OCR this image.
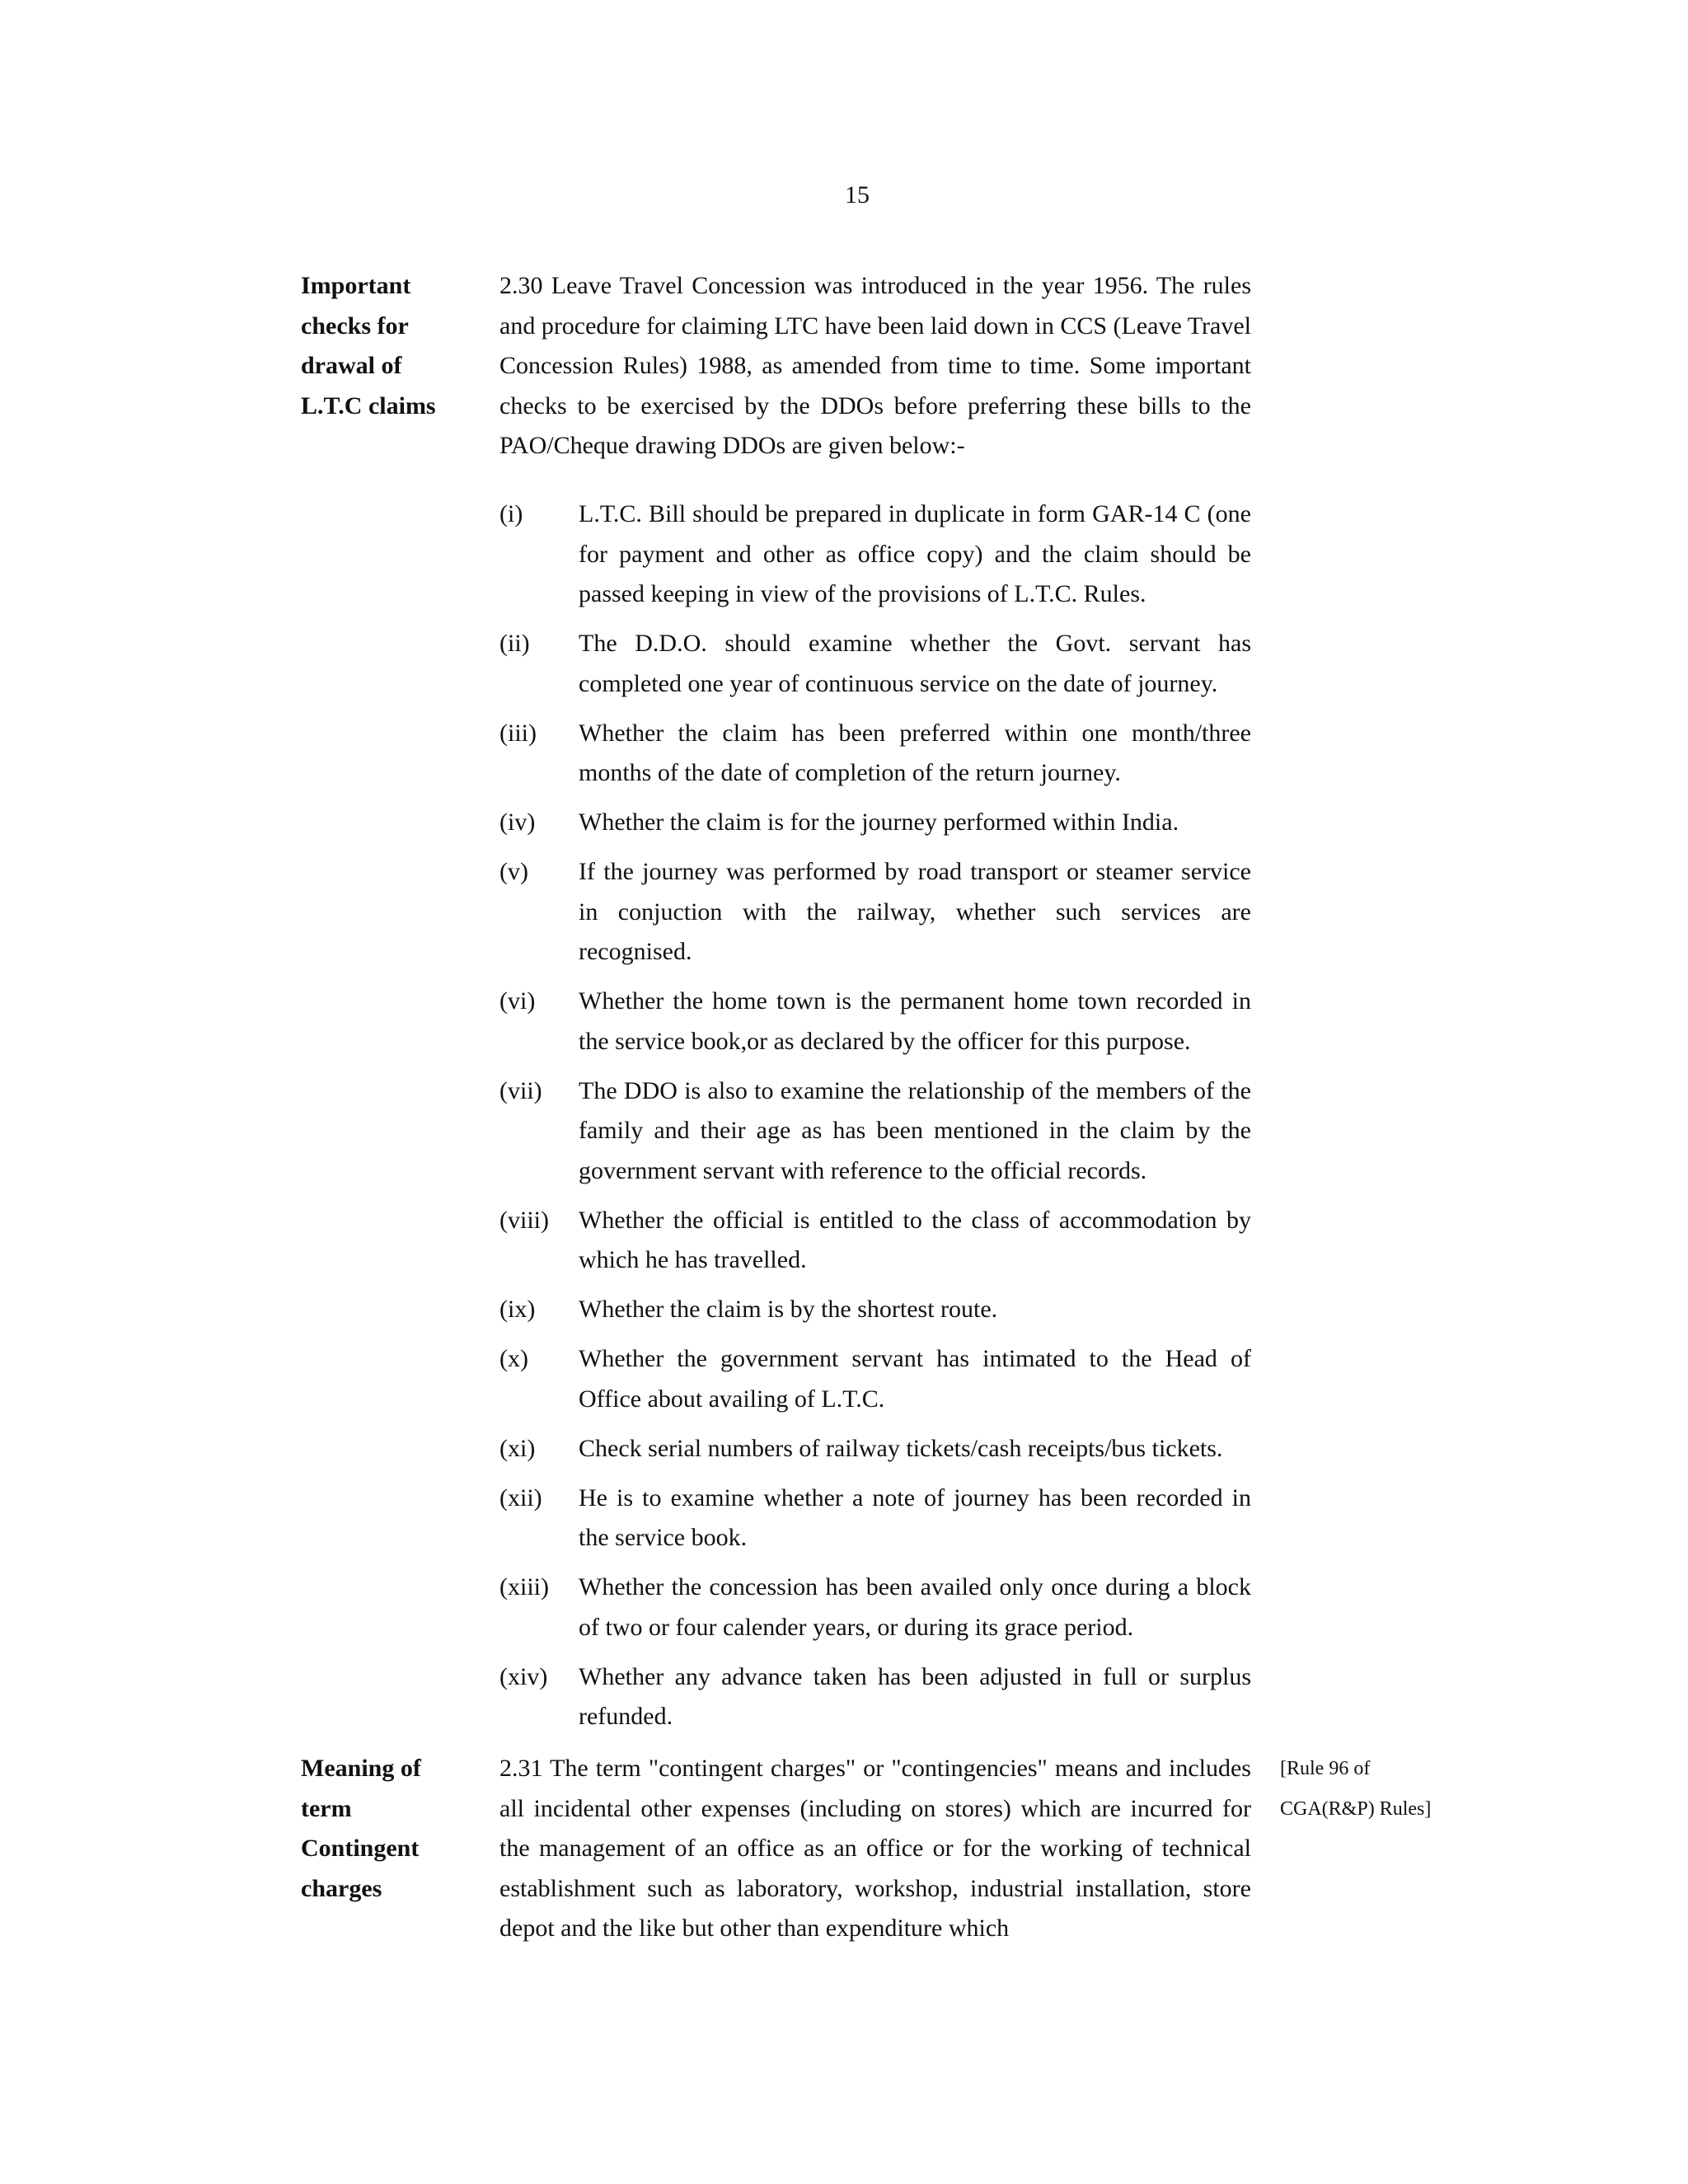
15
Important
checks for
drawal of
L.T.C claims
2.30 Leave Travel Concession was introduced in the year 1956. The rules and procedure for claiming LTC have been laid down in CCS (Leave Travel Concession Rules) 1988, as amended from time to time. Some important checks to be exercised by the DDOs before preferring these bills to the PAO/Cheque drawing DDOs are given below:-
(i)	L.T.C. Bill should be prepared in duplicate in form GAR-14 C (one for payment and other as office copy) and the claim should be passed keeping in view of the provisions of L.T.C. Rules.
(ii)	The D.D.O. should examine whether the Govt. servant has completed one year of continuous service on the date of journey.
(iii)	Whether the claim has been preferred within one month/three months of the date of completion of the return journey.
(iv)	Whether the claim is for the journey performed within India.
(v)	If the journey was performed by road transport or steamer service in conjuction with the railway, whether such services are recognised.
(vi)	Whether the home town is the permanent home town recorded in the service book,or as declared by the officer for this purpose.
(vii)	The DDO is also to examine the relationship of the members of the family and their age as has been mentioned in the claim by the government servant with reference to the official records.
(viii)	Whether the official is entitled to the class of accommodation by which he has travelled.
(ix)	Whether the claim is by the shortest route.
(x)	Whether the government servant has intimated to the Head of Office about availing of L.T.C.
(xi)	Check serial numbers of railway tickets/cash receipts/bus tickets.
(xii)	He is to examine whether a note of journey has been recorded in the service book.
(xiii)	Whether the concession has been availed only once during a block of two or four calender years, or during its grace period.
(xiv)	Whether any advance taken has been adjusted in full or surplus refunded.
Meaning of
term
Contingent
charges
2.31 The term "contingent charges" or "contingencies" means and includes all incidental other expenses (including on stores) which are incurred for the management of an office as an office or for the working of technical establishment such as laboratory, workshop, industrial installation, store depot and the like but other than expenditure which
[Rule 96 of
CGA(R&P) Rules]
